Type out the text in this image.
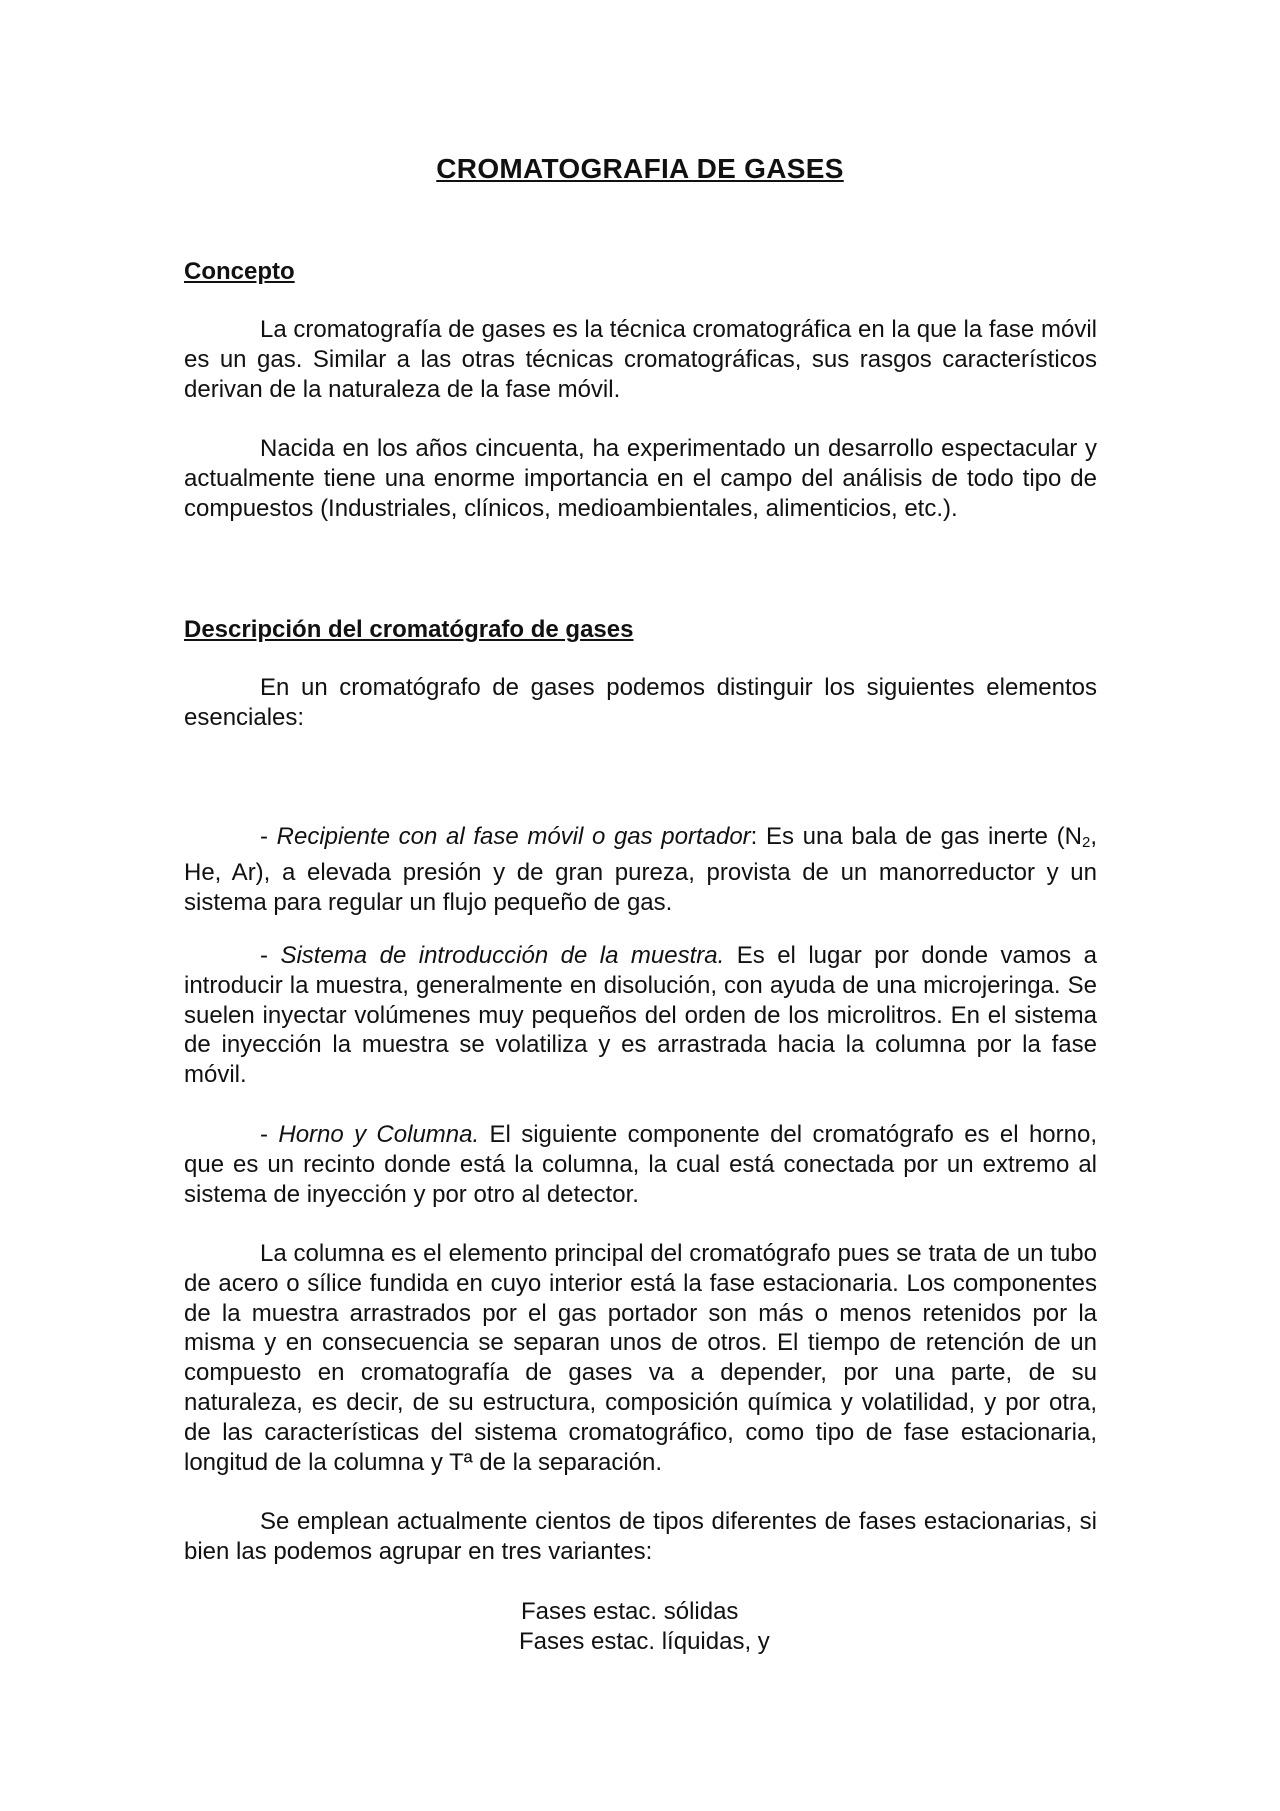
CROMATOGRAFIA DE GASES
Concepto

La cromatografía de gases es la técnica cromatográfica en la que la fase móvil es un gas. Similar a las otras técnicas cromatográficas, sus rasgos característicos derivan de la naturaleza de la fase móvil.

Nacida en los años cincuenta, ha experimentado un desarrollo espectacular y actualmente tiene una enorme importancia en el campo del análisis de todo tipo de compuestos (Industriales, clínicos, medioambientales, alimenticios, etc.).

Descripción del cromatógrafo de gases

En un cromatógrafo de gases podemos distinguir los siguientes elementos esenciales:

- Recipiente con al fase móvil o gas portador: Es una bala de gas inerte ($N_2$, He, Ar), a elevada presión y de gran pureza, provista de un manorreductor y un sistema para regular un flujo pequeño de gas.

- Sistema de introducción de la muestra. Es el lugar por donde vamos a introducir la muestra, generalmente en disolución, con ayuda de una microjeringa. Se suelen inyectar volúmenes muy pequeños del orden de los microlitros. En el sistema de inyección la muestra se volatiliza y es arrastrada hacia la columna por la fase móvil.

- Horno y Columna. El siguiente componente del cromatógrafo es el horno, que es un recinto donde está la columna, la cual está conectada por un extremo al sistema de inyección y por otro al detector.

La columna es el elemento principal del cromatógrafo pues se trata de un tubo de acero o sílice fundida en cuyo interior está la fase estacionaria. Los componentes de la muestra arrastrados por el gas portador son más o menos retenidos por la misma y en consecuencia se separan unos de otros. El tiempo de retención de un compuesto en cromatografía de gases va a depender, por una parte, de su naturaleza, es decir, de su estructura, composición química y volatilidad, y por otra, de las características del sistema cromatográfico, como tipo de fase estacionaria, longitud de la columna y Tª de la separación.

Se emplean actualmente cientos de tipos diferentes de fases estacionarias, si bien las podemos agrupar en tres variantes:

Fases estac. sólidas
Fases estac. líquidas, y
